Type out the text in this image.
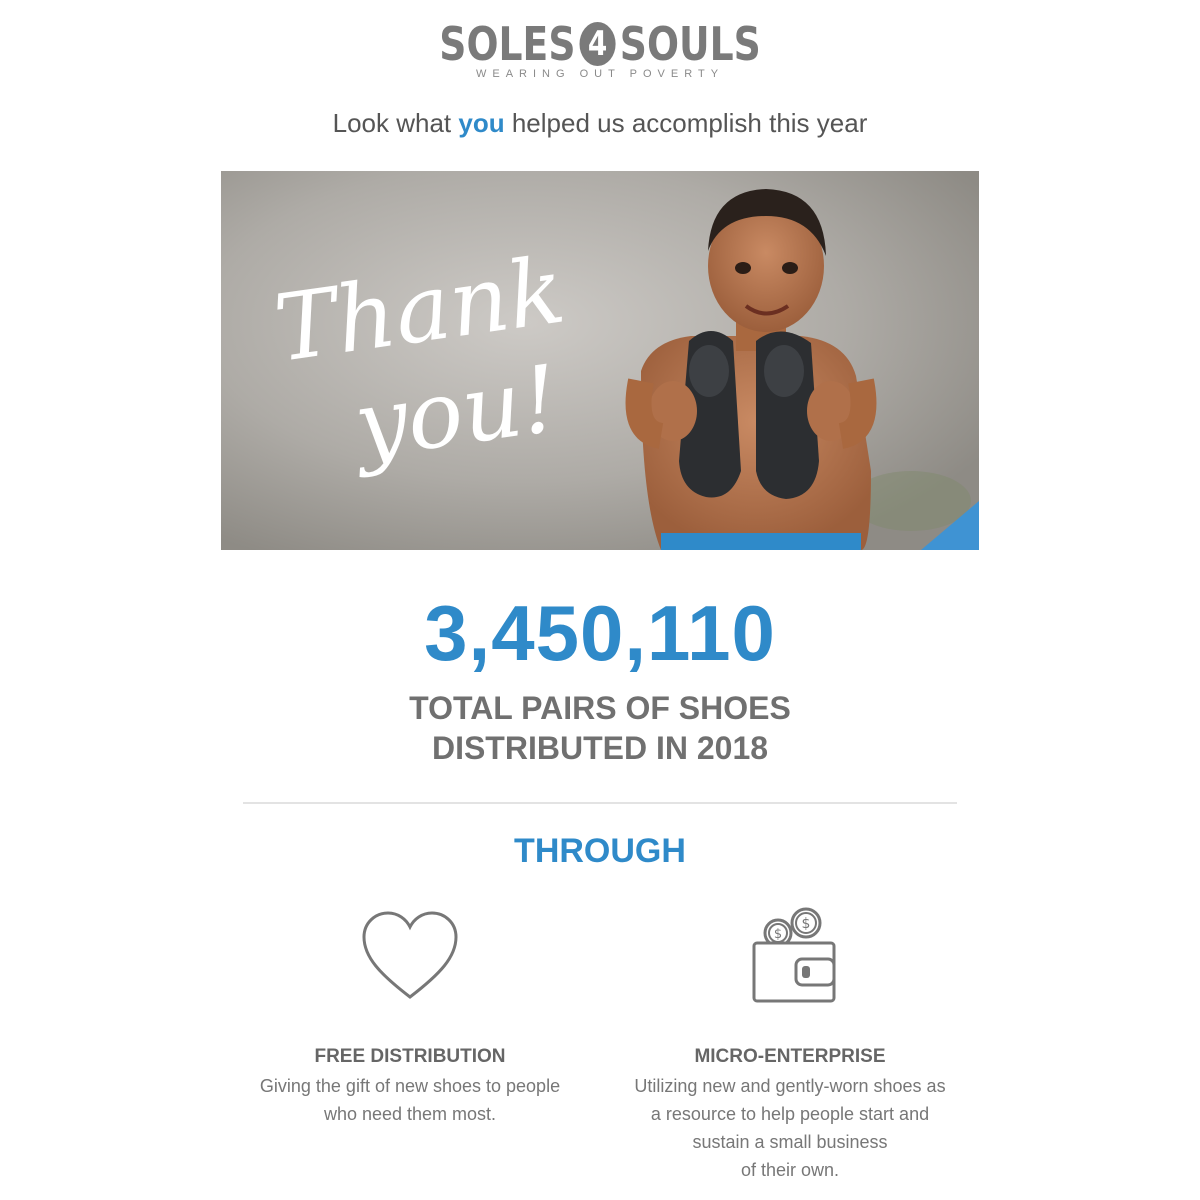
SOLES 4 SOULS
WEARING OUT POVERTY
Look what you helped us accomplish this year
Thank
you!
3,450,110
TOTAL PAIRS OF SHOES
DISTRIBUTED IN 2018
THROUGH
FREE DISTRIBUTION
Giving the gift of new shoes to people
who need them most.
$
$
MICRO-ENTERPRISE
Utilizing new and gently-worn shoes as
a resource to help people start and
sustain a small business
of their own.
